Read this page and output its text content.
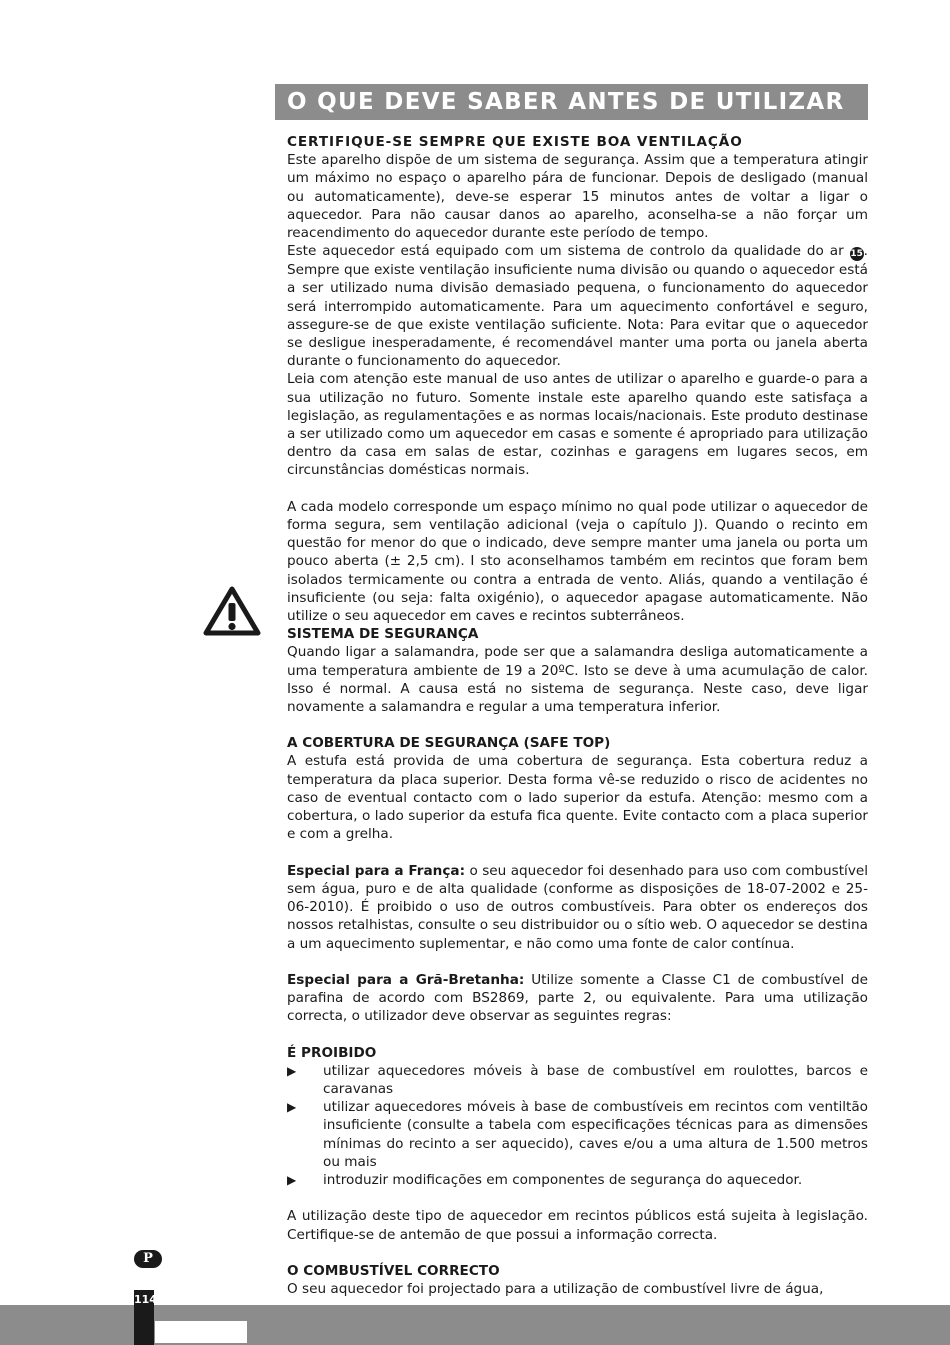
O QUE DEVE SABER ANTES DE UTILIZAR
CERTIFIQUE-SE SEMPRE QUE EXISTE BOA VENTILAÇÃO

Este aparelho dispõe de um sistema de segurança. Assim que a temperatura atingir um máximo no espaço o aparelho pára de funcionar. Depois de desligado (manual ou automaticamente), deve-se esperar 15 minutos antes de voltar a ligar o aquecedor. Para não causar danos ao aparelho, aconselha-se a não forçar um reacendimento do aquecedor durante este período de tempo.

Este aquecedor está equipado com um sistema de controlo da qualidade do ar 15. Sempre que existe ventilação insuficiente numa divisão ou quando o aquecedor está a ser utilizado numa divisão demasiado pequena, o funcionamento do aquecedor será interrompido automaticamente. Para um aquecimento confortável e seguro, assegure-se de que existe ventilação suficiente. Nota: Para evitar que o aquecedor se desligue inesperadamente, é recomendável manter uma porta ou janela aberta durante o funcionamento do aquecedor.

Leia com atenção este manual de uso antes de utilizar o aparelho e guarde-o para a sua utilização no futuro. Somente instale este aparelho quando este satisfaça a legislação, as regulamentações e as normas locais/nacionais. Este produto destinase a ser utilizado como um aquecedor em casas e somente é apropriado para utilização dentro da casa em salas de estar, cozinhas e garagens em lugares secos, em circunstâncias domésticas normais.

A cada modelo corresponde um espaço mínimo no qual pode utilizar o aquecedor de forma segura, sem ventilação adicional (veja o capítulo J). Quando o recinto em questão for menor do que o indicado, deve sempre manter uma janela ou porta um pouco aberta (± 2,5 cm). I sto aconselhamos também em recintos que foram bem isolados termicamente ou contra a entrada de vento. Aliás, quando a ventilação é insuficiente (ou seja: falta oxigénio), o aquecedor apagase automaticamente. Não utilize o seu aquecedor em caves e recintos subterrâneos.

SISTEMA DE SEGURANÇA

Quando ligar a salamandra, pode ser que a salamandra desliga automaticamente a uma temperatura ambiente de 19 a 20ºC. Isto se deve à uma acumulação de calor. Isso é normal. A causa está no sistema de segurança. Neste caso, deve ligar novamente a salamandra e regular a uma temperatura inferior.

A COBERTURA DE SEGURANÇA (SAFE TOP)

A estufa está provida de uma cobertura de segurança. Esta cobertura reduz a temperatura da placa superior. Desta forma vê-se reduzido o risco de acidentes no caso de eventual contacto com o lado superior da estufa. Atenção: mesmo com a cobertura, o lado superior da estufa fica quente. Evite contacto com a placa superior e com a grelha.

Especial para a França: o seu aquecedor foi desenhado para uso com combustível sem água, puro e de alta qualidade (conforme as disposições de 18-07-2002 e 25-06-2010). É proibido o uso de outros combustíveis. Para obter os endereços dos nossos retalhistas, consulte o seu distribuidor ou o sítio web. O aquecedor se destina a um aquecimento suplementar, e não como uma fonte de calor contínua.

Especial para a Grã-Bretanha: Utilize somente a Classe C1 de combustível de parafina de acordo com BS2869, parte 2, ou equivalente. Para uma utilização correcta, o utilizador deve observar as seguintes regras:

É PROIBIDO
▶ utilizar aquecedores móveis à base de combustível em roulottes, barcos e caravanas
▶ utilizar aquecedores móveis à base de combustíveis em recintos com ventiltão insuficiente (consulte a tabela com especificações técnicas para as dimensões mínimas do recinto a ser aquecido), caves e/ou a uma altura de 1.500 metros ou mais
▶ introduzir modificações em componentes de segurança do aquecedor.

A utilização deste tipo de aquecedor em recintos públicos está sujeita à legislação. Certifique-se de antemão de que possui a informação correcta.

O COMBUSTÍVEL CORRECTO

O seu aquecedor foi projectado para a utilização de combustível livre de água,

P
114
